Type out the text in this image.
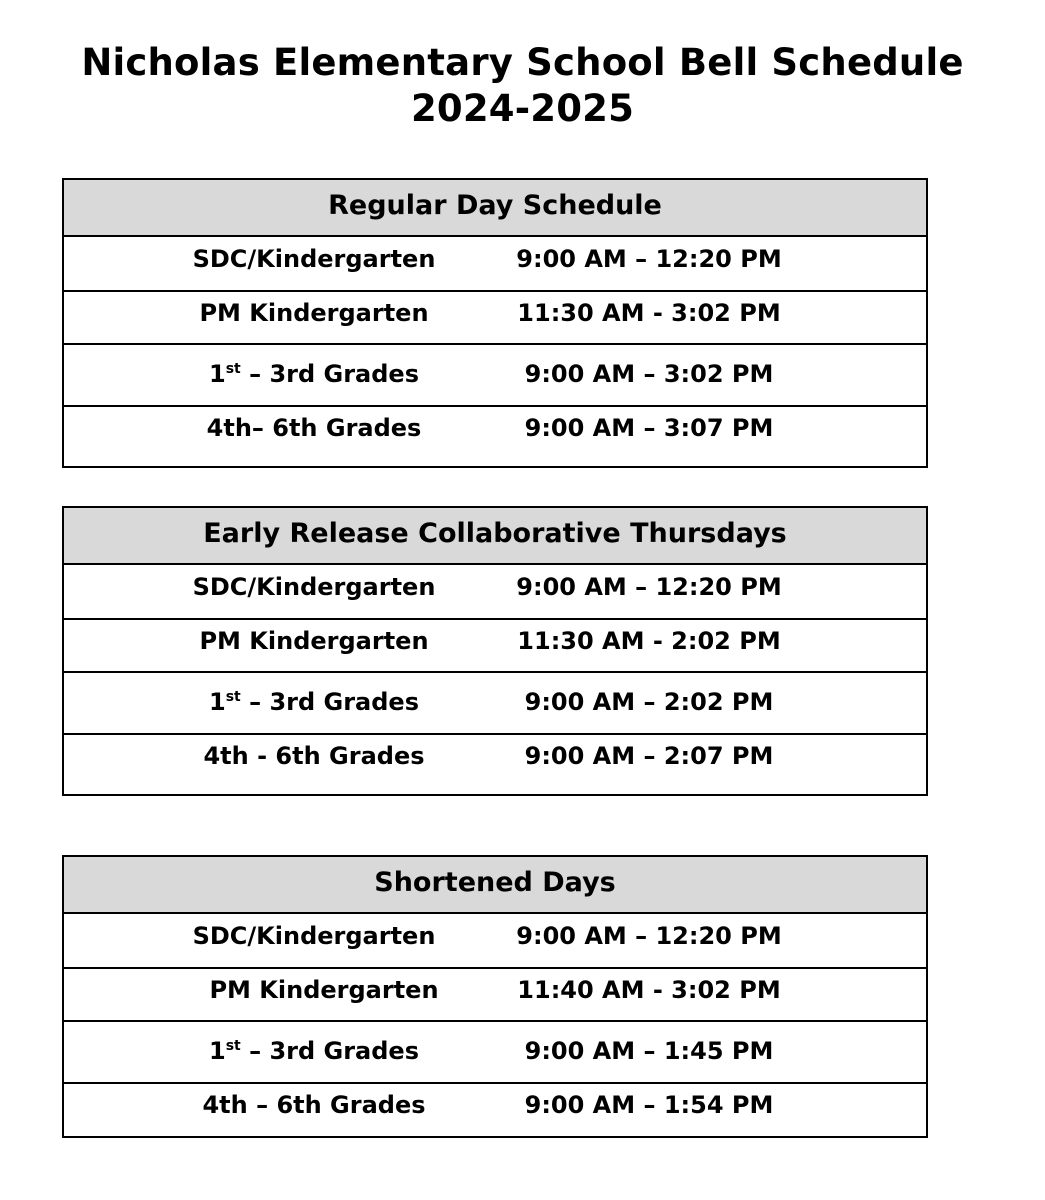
Nicholas Elementary School Bell Schedule
2024-2025
Regular Day Schedule
SDC/Kindergarten	9:00 AM – 12:20 PM
PM Kindergarten	11:30 AM - 3:02 PM
1st – 3rd Grades	9:00 AM – 3:02 PM
4th– 6th Grades	9:00 AM – 3:07 PM
Early Release Collaborative Thursdays
SDC/Kindergarten	9:00 AM – 12:20 PM
PM Kindergarten	11:30 AM - 2:02 PM
1st – 3rd Grades	9:00 AM – 2:02 PM
4th - 6th Grades	9:00 AM – 2:07 PM
Shortened Days
SDC/Kindergarten	9:00 AM – 12:20 PM
PM Kindergarten	11:40 AM - 3:02 PM
1st – 3rd Grades	9:00 AM – 1:45 PM
4th – 6th Grades	9:00 AM – 1:54 PM
